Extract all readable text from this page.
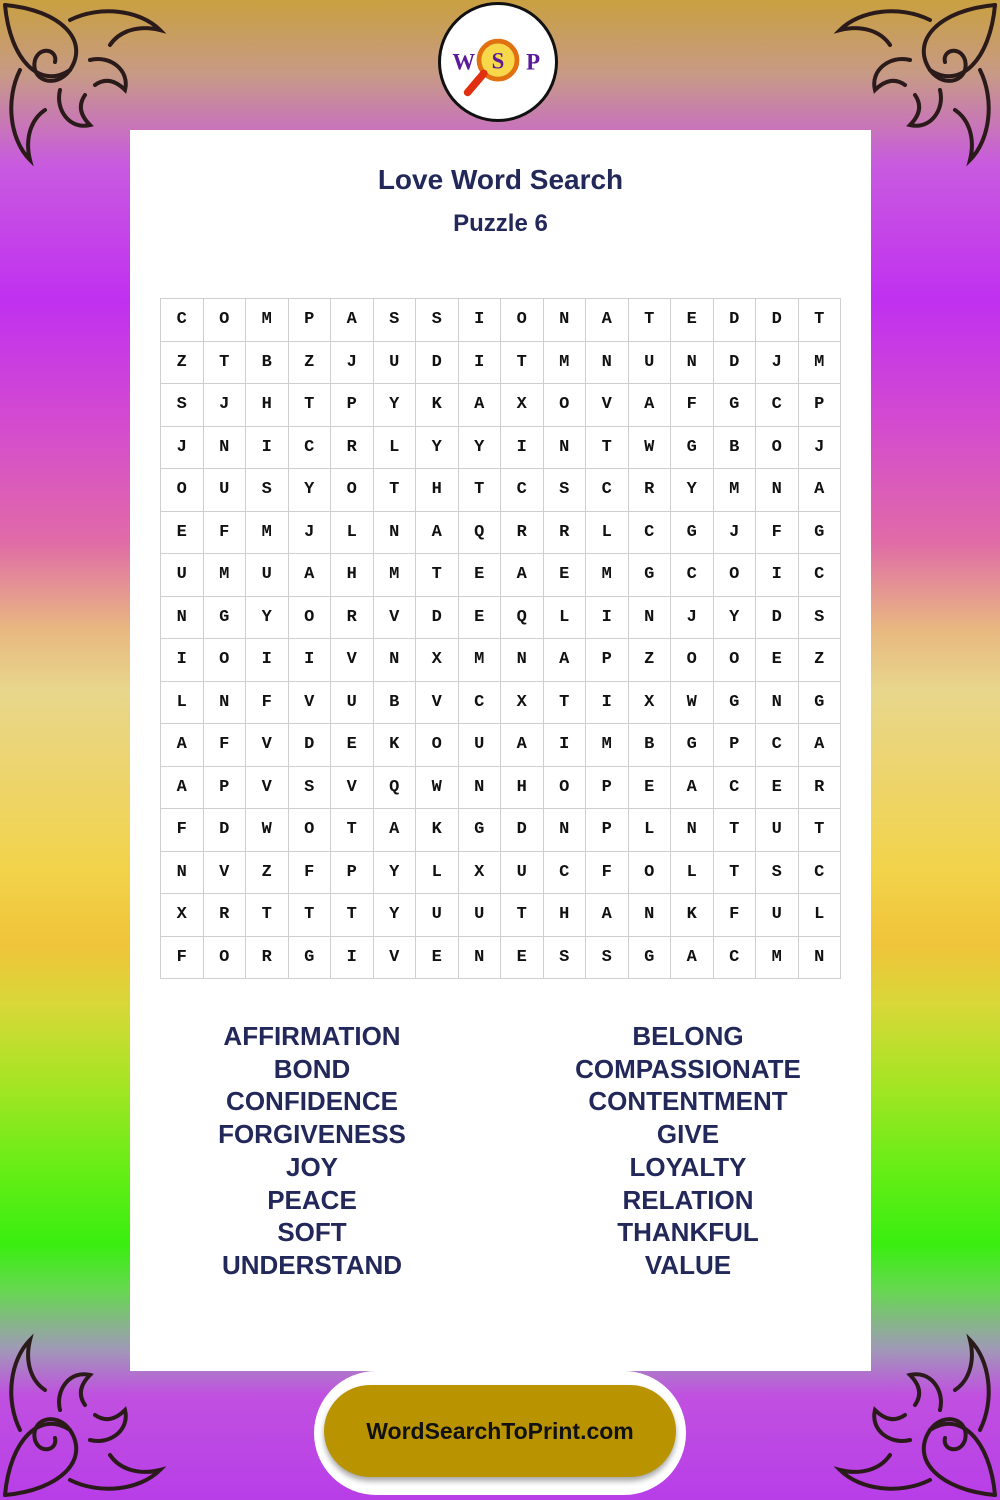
W S P
Love Word Search
Puzzle 6
C	O	M	P	A	S	S	I	O	N	A	T	E	D	D	T
Z	T	B	Z	J	U	D	I	T	M	N	U	N	D	J	M
S	J	H	T	P	Y	K	A	X	O	V	A	F	G	C	P
J	N	I	C	R	L	Y	Y	I	N	T	W	G	B	O	J
O	U	S	Y	O	T	H	T	C	S	C	R	Y	M	N	A
E	F	M	J	L	N	A	Q	R	R	L	C	G	J	F	G
U	M	U	A	H	M	T	E	A	E	M	G	C	O	I	C
N	G	Y	O	R	V	D	E	Q	L	I	N	J	Y	D	S
I	O	I	I	V	N	X	M	N	A	P	Z	O	O	E	Z
L	N	F	V	U	B	V	C	X	T	I	X	W	G	N	G
A	F	V	D	E	K	O	U	A	I	M	B	G	P	C	A
A	P	V	S	V	Q	W	N	H	O	P	E	A	C	E	R
F	D	W	O	T	A	K	G	D	N	P	L	N	T	U	T
N	V	Z	F	P	Y	L	X	U	C	F	O	L	T	S	C
X	R	T	T	T	Y	U	U	T	H	A	N	K	F	U	L
F	O	R	G	I	V	E	N	E	S	S	G	A	C	M	N
AFFIRMATION
BOND
CONFIDENCE
FORGIVENESS
JOY
PEACE
SOFT
UNDERSTAND
BELONG
COMPASSIONATE
CONTENTMENT
GIVE
LOYALTY
RELATION
THANKFUL
VALUE
WordSearchToPrint.com
